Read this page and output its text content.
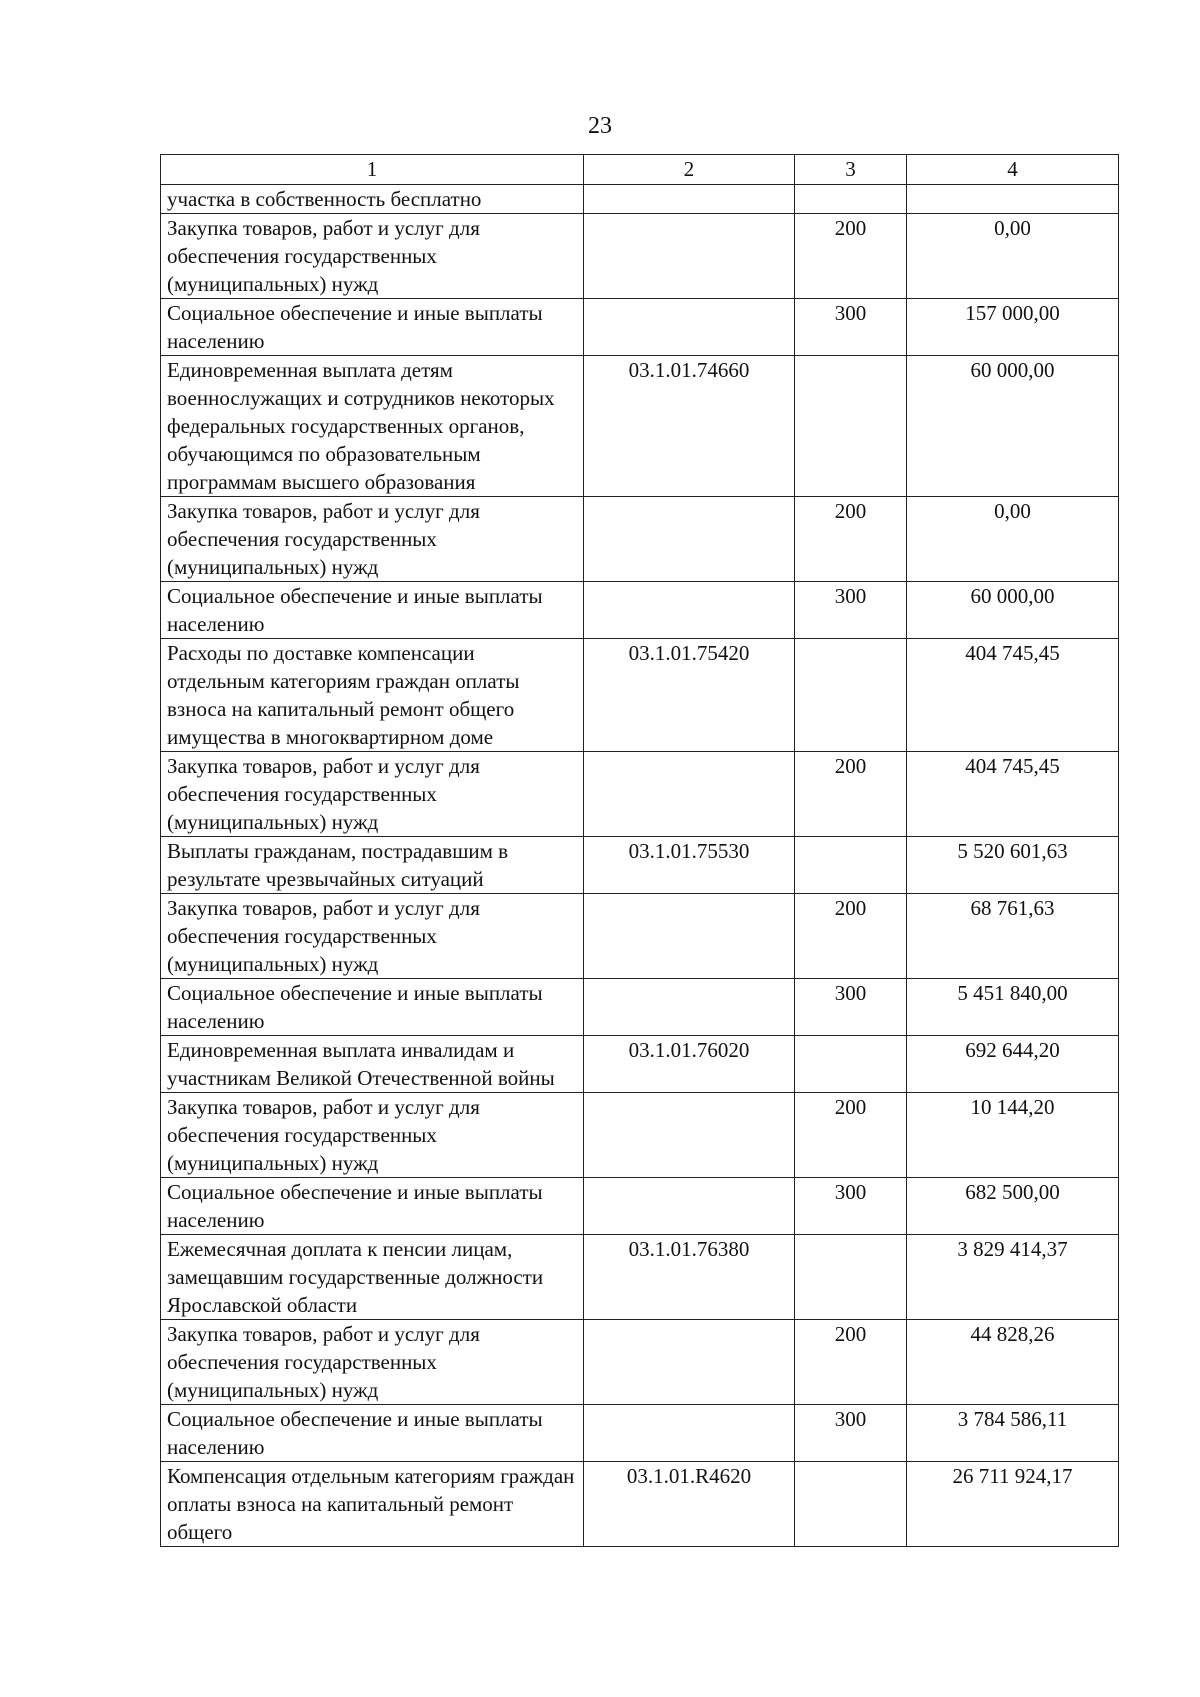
23
1	2	3	4
участка в собственность бесплатно			
Закупка товаров, работ и услуг для обеспечения государственных (муниципальных) нужд		200	0,00
Социальное обеспечение и иные выплаты населению		300	157 000,00
Единовременная выплата детям военнослужащих и сотрудников некоторых федеральных государственных органов, обучающимся по образовательным программам высшего образования	03.1.01.74660		60 000,00
Закупка товаров, работ и услуг для обеспечения государственных (муниципальных) нужд		200	0,00
Социальное обеспечение и иные выплаты населению		300	60 000,00
Расходы по доставке компенсации отдельным категориям граждан оплаты взноса на капитальный ремонт общего имущества в многоквартирном доме	03.1.01.75420		404 745,45
Закупка товаров, работ и услуг для обеспечения государственных (муниципальных) нужд		200	404 745,45
Выплаты гражданам, пострадавшим в результате чрезвычайных ситуаций	03.1.01.75530		5 520 601,63
Закупка товаров, работ и услуг для обеспечения государственных (муниципальных) нужд		200	68 761,63
Социальное обеспечение и иные выплаты населению		300	5 451 840,00
Единовременная выплата инвалидам и участникам Великой Отечественной войны	03.1.01.76020		692 644,20
Закупка товаров, работ и услуг для обеспечения государственных (муниципальных) нужд		200	10 144,20
Социальное обеспечение и иные выплаты населению		300	682 500,00
Ежемесячная доплата к пенсии лицам, замещавшим государственные должности Ярославской области	03.1.01.76380		3 829 414,37
Закупка товаров, работ и услуг для обеспечения государственных (муниципальных) нужд		200	44 828,26
Социальное обеспечение и иные выплаты населению		300	3 784 586,11
Компенсация отдельным категориям граждан оплаты взноса на капитальный ремонт общего	03.1.01.R4620		26 711 924,17
